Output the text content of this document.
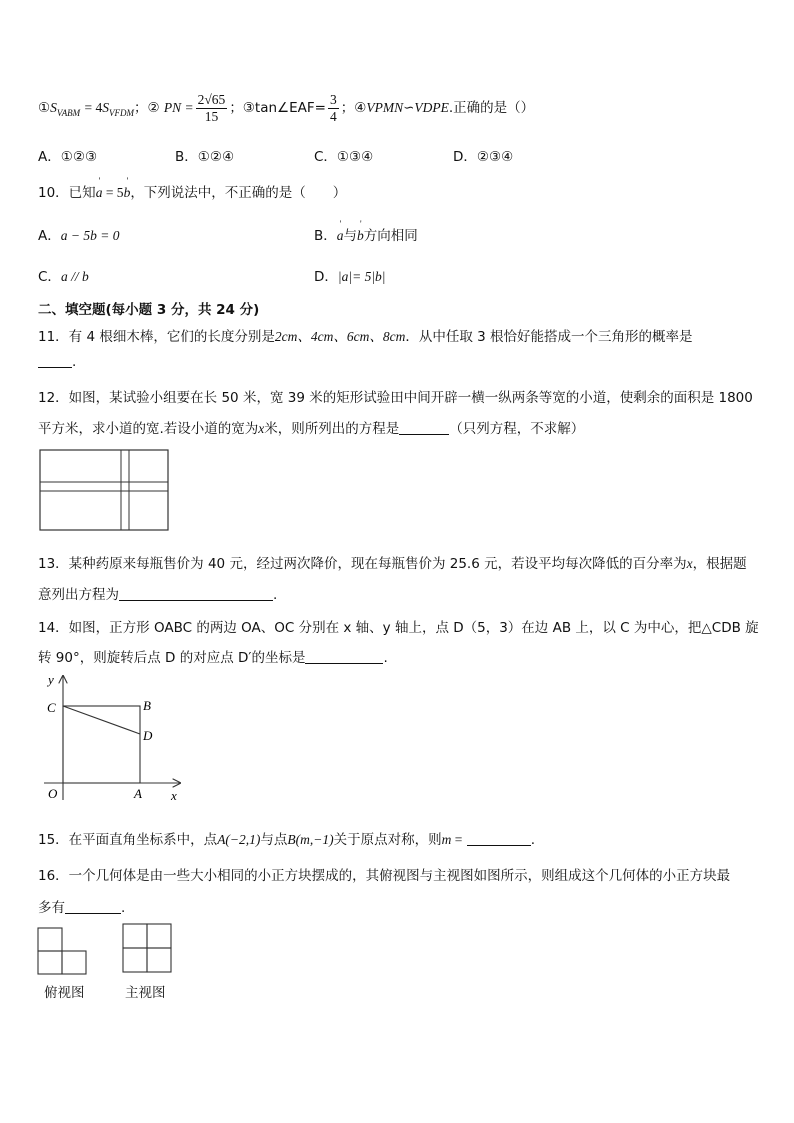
$①S_{VABM} = 4S_{VFDM}$；② PN = $\frac{2√65}{15}$ ；③tan∠EAF= $\frac{3}{4}$ ；④VPMN∽VDPE.正确的是（）
A．①②③	B．①②④	C．①③④	D．②③④
10．已知' a = 5' b，下列说法中，不正确的是（　　）
A．a − 5b = 0	B．' a与' b方向相同
C．a // b	D．|a|= 5|b|
二、填空题(每小题 3 分，共 24 分)
11．有 4 根细木棒，它们的长度分别是2cm、4cm、6cm、8cm．从中任取 3 根恰好能搭成一个三角形的概率是
.
12．如图，某试验小组要在长 50 米，宽 39 米的矩形试验田中间开辟一横一纵两条等宽的小道，使剩余的面积是 1800
平方米，求小道的宽.若设小道的宽为x米，则所列出的方程是	（只列方程，不求解）
13．某种药原来每瓶售价为 40 元，经过两次降价，现在每瓶售价为 25.6 元，若设平均每次降低的百分率为x，根据题
意列出方程为	.
14．如图，正方形 OABC 的两边 OA、OC 分别在 x 轴、y 轴上，点 D（5，3）在边 AB 上，以 C 为中心，把△CDB 旋
转 90°，则旋转后点 D 的对应点 D′的坐标是	.
y
C	B
D
O	A x
15．在平面直角坐标系中，点A(−2,1)与点B(m,−1)关于原点对称，则m =	.
16．一个几何体是由一些大小相同的小正方块摆成的，其俯视图与主视图如图所示，则组成这个几何体的小正方块最
多有	.
俯视图	主视图
